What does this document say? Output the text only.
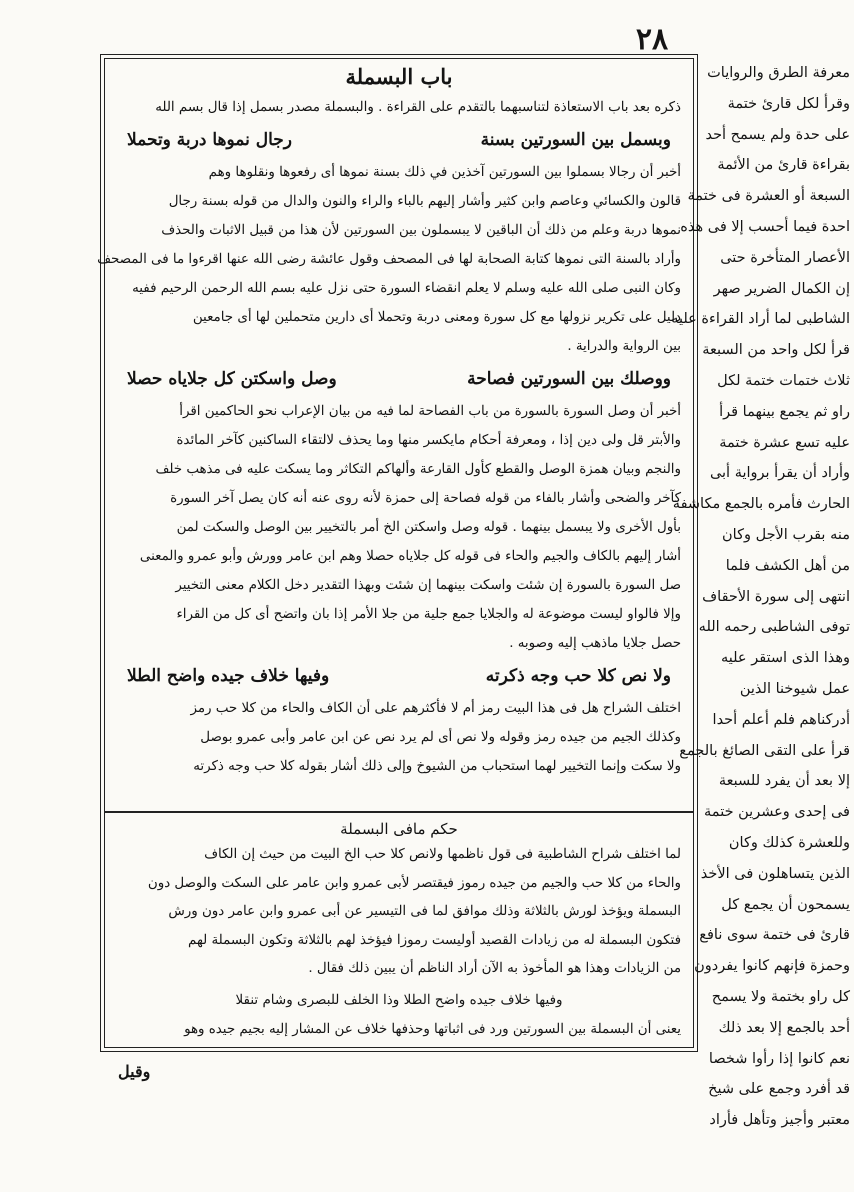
٢٨
باب البسملة
ذكره بعد باب الاستعاذة لتناسبهما بالتقدم على القراءة . والبسملة مصدر بسمل إذا قال بسم الله
وبسمل بين السورتين بسنة
رجال نموها دربة وتحملا
أخبر أن رجالا بسملوا بين السورتين آخذين في ذلك بسنة نموها أى رفعوها ونقلوها وهم
قالون والكسائي وعاصم وابن كثير وأشار إليهم بالباء والراء والنون والدال من قوله بسنة رجال
نموها دربة وعلم من ذلك أن الباقين لا يبسملون بين السورتين لأن هذا من قبيل الاثبات والحذف
وأراد بالسنة التى نموها كتابة الصحابة لها فى المصحف وقول عائشة رضى الله عنها اقرءوا ما فى المصحف
وكان النبى صلى الله عليه وسلم لا يعلم انقضاء السورة حتى نزل عليه بسم الله الرحمن الرحيم ففيه
دليل على تكرير نزولها مع كل سورة ومعنى دربة وتحملا أى دارين متحملين لها أى جامعين
بين الرواية والدراية .
ووصلك بين السورتين فصاحة
وصل واسكتن كل جلاياه حصلا
أخبر أن وصل السورة بالسورة من باب الفصاحة لما فيه من بيان الإعراب نحو الحاكمين اقرأ
والأبتر قل ولى دين إذا ، ومعرفة أحكام مايكسر منها وما يحذف لالتقاء الساكنين كآخر المائدة
والنجم وبيان همزة الوصل والقطع كأول القارعة وألهاكم التكاثر وما يسكت عليه فى مذهب خلف
كآخر والضحى وأشار بالفاء من قوله فصاحة إلى حمزة لأنه روى عنه أنه كان يصل آخر السورة
بأول الأخرى ولا يبسمل بينهما . قوله وصل واسكتن الخ أمر بالتخيير بين الوصل والسكت لمن
أشار إليهم بالكاف والجيم والحاء فى قوله كل جلاياه حصلا وهم ابن عامر وورش وأبو عمرو والمعنى
صل السورة بالسورة إن شئت واسكت بينهما إن شئت وبهذا التقدير دخل الكلام معنى التخيير
وإلا فالواو ليست موضوعة له والجلايا جمع جلية من جلا الأمر إذا بان واتضح أى كل من القراء
حصل جلايا ماذهب إليه وصوبه .
ولا نص كلا حب وجه ذكرته
وفيها خلاف جيده واضح الطلا
اختلف الشراح هل فى هذا البيت رمز أم لا فأكثرهم على أن الكاف والحاء من كلا حب رمز
وكذلك الجيم من جيده رمز وقوله ولا نص أى لم يرد نص عن ابن عامر وأبى عمرو بوصل
ولا سكت وإنما التخيير لهما استحباب من الشيوخ وإلى ذلك أشار بقوله كلا حب وجه ذكرته
حكم مافى البسملة
لما اختلف شراح الشاطبية فى قول ناظمها ولانص كلا حب الخ البيت من حيث إن الكاف
والحاء من كلا حب والجيم من جيده رموز فيقتصر لأبى عمرو وابن عامر على السكت والوصل دون
البسملة ويؤخذ لورش بالثلاثة وذلك موافق لما فى التيسير عن أبى عمرو وابن عامر دون ورش
فتكون البسملة له من زيادات القصيد أوليست رموزا فيؤخذ لهم بالثلاثة وتكون البسملة لهم
من الزيادات وهذا هو المأخوذ به الآن أراد الناظم أن يبين ذلك فقال .
وفيها خلاف جيده واضح الطلا وذا الخلف للبصرى وشام تنقلا
يعنى أن البسملة بين السورتين ورد فى اثباتها وحذفها خلاف عن المشار إليه بجيم جيده وهو
معرفة الطرق والروايات
وقرأ لكل قارئ ختمة
على حدة ولم يسمح أحد
بقراءة قارئ من الأئمة
السبعة أو العشرة فى ختمة
احدة فيما أحسب إلا فى هذه
الأعصار المتأخرة حتى
إن الكمال الضرير صهر
الشاطبى لما أراد القراءة عليه
قرأ لكل واحد من السبعة
ثلاث ختمات ختمة لكل
راو ثم يجمع بينهما قرأ
عليه تسع عشرة ختمة
وأراد أن يقرأ برواية أبى
الحارث فأمره بالجمع مكاشفة
منه بقرب الأجل وكان
من أهل الكشف فلما
انتهى إلى سورة الأحقاف
توفى الشاطبى رحمه الله
وهذا الذى استقر عليه
عمل شيوخنا الذين
أدركناهم فلم أعلم أحدا
قرأ على التقى الصائغ بالجمع
إلا بعد أن يفرد للسبعة
فى إحدى وعشرين ختمة
وللعشرة كذلك وكان
الذين يتساهلون فى الأخذ
يسمحون أن يجمع كل
قارئ فى ختمة سوى نافع
وحمزة فإنهم كانوا يفردون
كل راو بختمة ولا يسمح
أحد بالجمع إلا بعد ذلك
نعم كانوا إذا رأوا شخصا
قد أفرد وجمع على شيخ
معتبر وأجيز وتأهل فأراد
وقيل
